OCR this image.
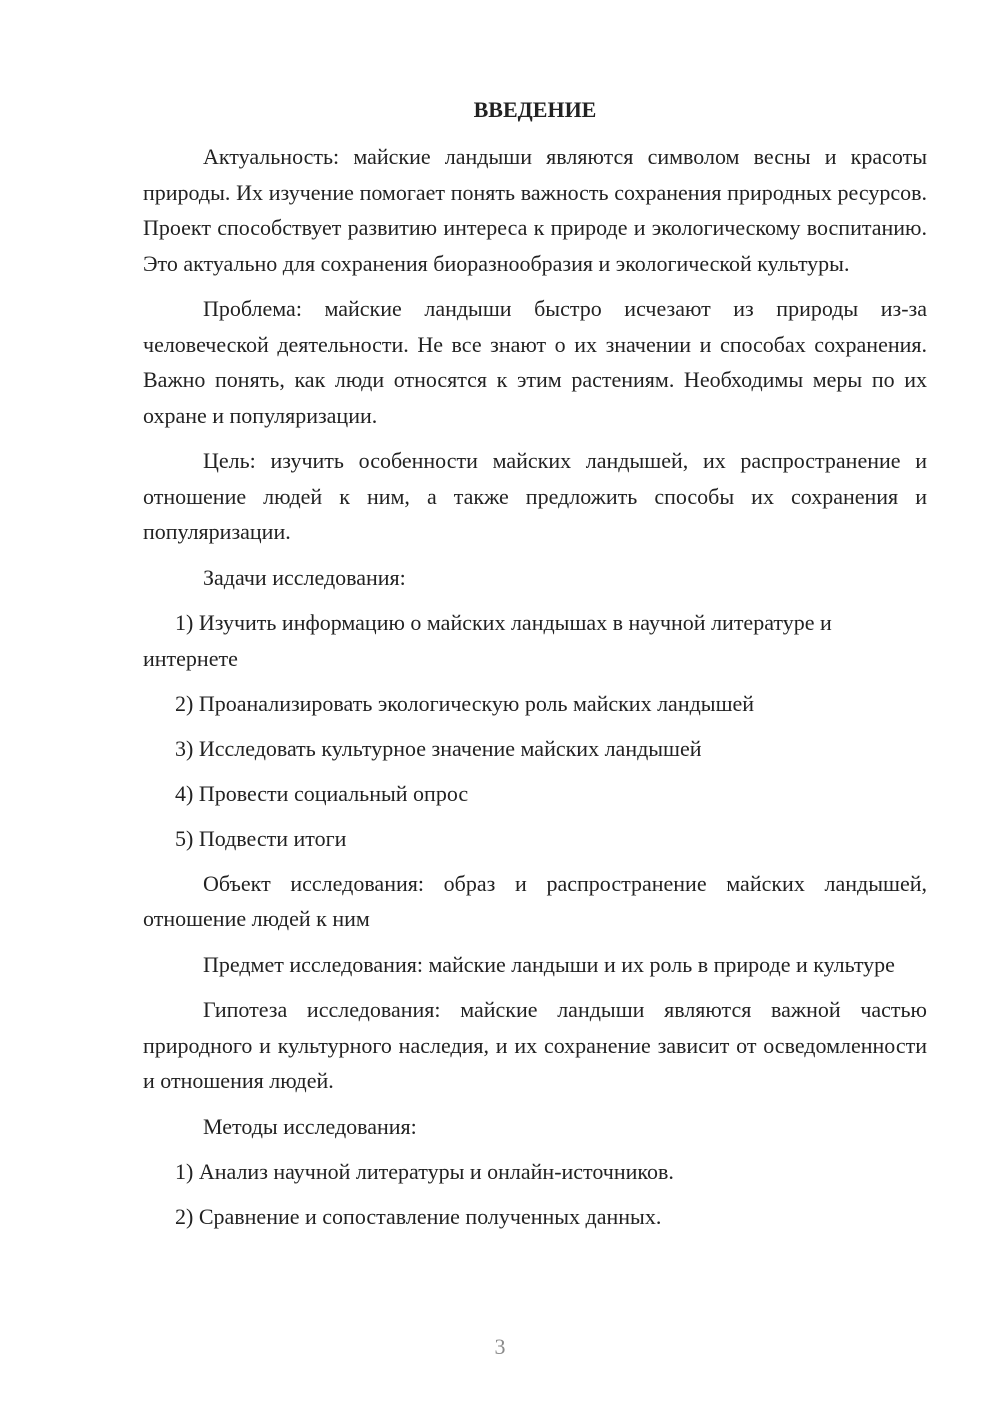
ВВЕДЕНИЕ

Актуальность: майские ландыши являются символом весны и красоты природы. Их изучение помогает понять важность сохранения природных ресурсов. Проект способствует развитию интереса к природе и экологическому воспитанию. Это актуально для сохранения биоразнообразия и экологической культуры.

Проблема: майские ландыши быстро исчезают из природы из-за человеческой деятельности. Не все знают о их значении и способах сохранения. Важно понять, как люди относятся к этим растениям. Необходимы меры по их охране и популяризации.

Цель: изучить особенности майских ландышей, их распространение и отношение людей к ним, а также предложить способы их сохранения и популяризации.

Задачи исследования:

1) Изучить информацию о майских ландышах в научной литературе и интернете

2) Проанализировать экологическую роль майских ландышей

3) Исследовать культурное значение майских ландышей

4) Провести социальный опрос

5) Подвести итоги

Объект исследования: образ и распространение майских ландышей, отношение людей к ним

Предмет исследования: майские ландыши и их роль в природе и культуре

Гипотеза исследования: майские ландыши являются важной частью природного и культурного наследия, и их сохранение зависит от осведомленности и отношения людей.

Методы исследования:

1) Анализ научной литературы и онлайн-источников.

2) Сравнение и сопоставление полученных данных.

3
